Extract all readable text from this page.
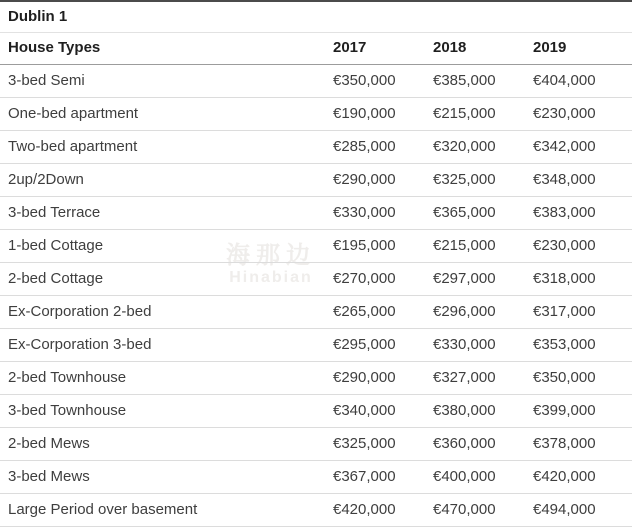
海那边
Hinabian
Dublin 1			
House Types	2017	2018	2019
3-bed Semi	€350,000	€385,000	€404,000
One-bed apartment	€190,000	€215,000	€230,000
Two-bed apartment	€285,000	€320,000	€342,000
2up/2Down	€290,000	€325,000	€348,000
3-bed Terrace	€330,000	€365,000	€383,000
1-bed Cottage	€195,000	€215,000	€230,000
2-bed Cottage	€270,000	€297,000	€318,000
Ex-Corporation 2-bed	€265,000	€296,000	€317,000
Ex-Corporation 3-bed	€295,000	€330,000	€353,000
2-bed Townhouse	€290,000	€327,000	€350,000
3-bed Townhouse	€340,000	€380,000	€399,000
2-bed Mews	€325,000	€360,000	€378,000
3-bed Mews	€367,000	€400,000	€420,000
Large Period over basement	€420,000	€470,000	€494,000
